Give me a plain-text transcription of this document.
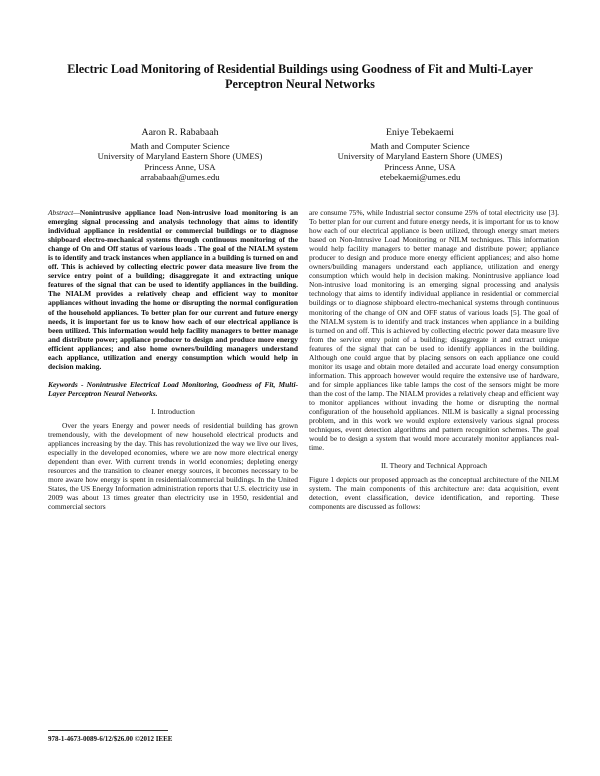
Electric Load Monitoring of Residential Buildings using Goodness of Fit and Multi-Layer Perceptron Neural Networks
Aaron R. Rababaah
Math and Computer Science
University of Maryland Eastern Shore (UMES)
Princess Anne, USA
arrababaah@umes.edu
Eniye Tebekaemi
Math and Computer Science
University of Maryland Eastern Shore (UMES)
Princess Anne, USA
etebekaemi@umes.edu

Abstract—Nonintrusive appliance load Non-intrusive load monitoring is an emerging signal processing and analysis technology that aims to identify individual appliance in residential or commercial buildings or to diagnose shipboard electro-mechanical systems through continuous monitoring of the change of On and Off status of various loads . The goal of the NIALM system is to identify and track instances when appliance in a building is turned on and off. This is achieved by collecting electric power data measure live from the service entry point of a building; disaggregate it and extracting unique features of the signal that can be used to identify appliances in the building. The NIALM provides a relatively cheap and efficient way to monitor appliances without invading the home or disrupting the normal configuration of the household appliances. To better plan for our current and future energy needs, it is important for us to know how each of our electrical appliance is been utilized. This information would help facility managers to better manage and distribute power; appliance producer to design and produce more energy efficient appliances; and also home owners/building managers understand each appliance, utilization and energy consumption which would help in decision making.

Keywords - Nonintrusive Electrical Load Monitoring, Goodness of Fit, Multi-Layer Perceptron Neural Networks.

I. Introduction

Over the years Energy and power needs of residential building has grown tremendously, with the development of new household electrical products and appliances increasing by the day. This has revolutionized the way we live our lives, especially in the developed economies, where we are now more electrical energy dependent than ever. With current trends in world economies; depleting energy resources and the transition to cleaner energy sources, it becomes necessary to be more aware how energy is spent in residential/commercial buildings. In the United States, the US Energy Information administration reports that U.S. electricity use in 2009 was about 13 times greater than electricity use in 1950, residential and commercial sectors

are consume 75%, while Industrial sector consume 25% of total electricity use [3]. To better plan for our current and future energy needs, it is important for us to know how each of our electrical appliance is been utilized, through energy smart meters based on Non-Intrusive Load Monitoring or NILM techniques. This information would help facility managers to better manage and distribute power; appliance producer to design and produce more energy efficient appliances; and also home owners/building managers understand each appliance, utilization and energy consumption which would help in decision making. Nonintrusive appliance load Non-intrusive load monitoring is an emerging signal processing and analysis technology that aims to identify individual appliance in residential or commercial buildings or to diagnose shipboard electro-mechanical systems through continuous monitoring of the change of ON and OFF status of various loads [5]. The goal of the NIALM system is to identify and track instances when appliance in a building is turned on and off. This is achieved by collecting electric power data measure live from the service entry point of a building; disaggregate it and extract unique features of the signal that can be used to identify appliances in the building. Although one could argue that by placing sensors on each appliance one could monitor its usage and obtain more detailed and accurate load energy consumption information. This approach however would require the extensive use of hardware, and for simple appliances like table lamps the cost of the sensors might be more than the cost of the lamp. The NIALM provides a relatively cheap and efficient way to monitor appliances without invading the home or disrupting the normal configuration of the household appliances. NILM is basically a signal processing problem, and in this work we would explore extensively various signal process techniques, event detection algorithms and pattern recognition schemes. The goal would be to design a system that would more accurately monitor appliances real-time.

II. Theory and Technical Approach

Figure 1 depicts our proposed approach as the conceptual architecture of the NILM system. The main components of this architecture are: data acquisition, event detection, event classification, device identification, and reporting. These components are discussed as follows:

978-1-4673-0089-6/12/$26.00 ©2012 IEEE
